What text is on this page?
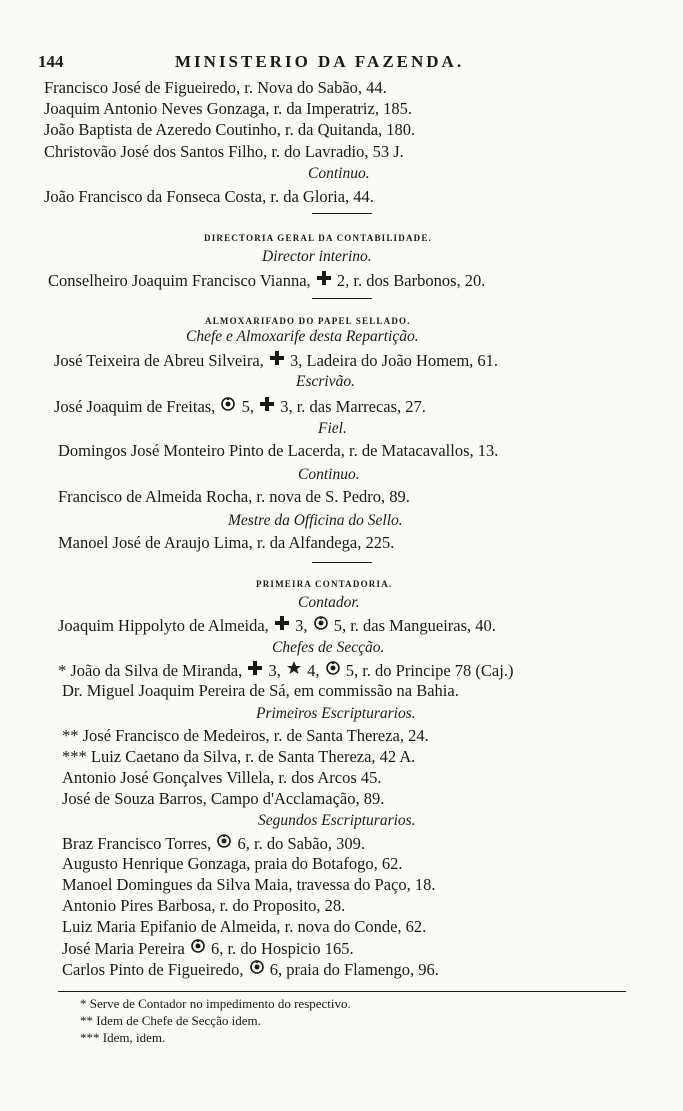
144	MINISTERIO DA FAZENDA.
Francisco José de Figueiredo, r. Nova do Sabão, 44.
Joaquim Antonio Neves Gonzaga, r. da Imperatriz, 185.
João Baptista de Azeredo Coutinho, r. da Quitanda, 180.
Christovão José dos Santos Filho, r. do Lavradio, 53 J.
Continuo.
João Francisco da Fonseca Costa, r. da Gloria, 44.
DIRECTORIA GERAL DA CONTABILIDADE.
Director interino.
Conselheiro Joaquim Francisco Vianna, 2, r. dos Barbonos, 20.
ALMOXARIFADO DO PAPEL SELLADO.
Chefe e Almoxarife desta Repartição.
José Teixeira de Abreu Silveira, 3, Ladeira do João Homem, 61.
Escrivão.
José Joaquim de Freitas, 5, 3, r. das Marrecas, 27.
Fiel.
Domingos José Monteiro Pinto de Lacerda, r. de Matacavallos, 13.
Continuo.
Francisco de Almeida Rocha, r. nova de S. Pedro, 89.
Mestre da Officina do Sello.
Manoel José de Araujo Lima, r. da Alfandega, 225.
PRIMEIRA CONTADORIA.
Contador.
Joaquim Hippolyto de Almeida, 3, 5, r. das Mangueiras, 40.
Chefes de Secção.
* João da Silva de Miranda, 3, 4, 5, r. do Principe 78 (Caj.)
Dr. Miguel Joaquim Pereira de Sá, em commissão na Bahia.
Primeiros Escripturarios.
** José Francisco de Medeiros, r. de Santa Thereza, 24.
*** Luiz Caetano da Silva, r. de Santa Thereza, 42 A.
Antonio José Gonçalves Villela, r. dos Arcos 45.
José de Souza Barros, Campo d'Acclamação, 89.
Segundos Escripturarios.
Braz Francisco Torres, 6, r. do Sabão, 309.
Augusto Henrique Gonzaga, praia do Botafogo, 62.
Manoel Domingues da Silva Maia, travessa do Paço, 18.
Antonio Pires Barbosa, r. do Proposito, 28.
Luiz Maria Epifanio de Almeida, r. nova do Conde, 62.
José Maria Pereira 6, r. do Hospicio 165.
Carlos Pinto de Figueiredo, 6, praia do Flamengo, 96.
* Serve de Contador no impedimento do respectivo.
** Idem de Chefe de Secção idem.
*** Idem, idem.
